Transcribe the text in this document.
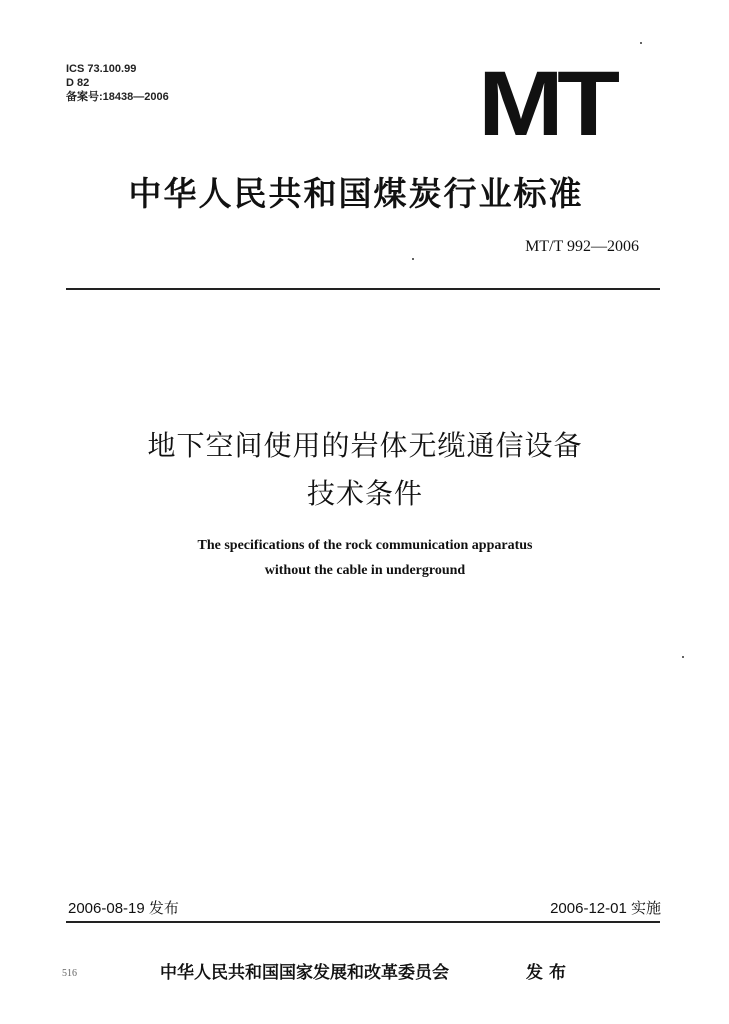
ICS 73.100.99
D 82
备案号:18438—2006	MT
中华人民共和国煤炭行业标准
MT/T 992—2006
地下空间使用的岩体无缆通信设备
技术条件
The specifications of the rock communication apparatus
without the cable in underground
2006-08-19 发布	2006-12-01 实施
516	中华人民共和国国家发展和改革委员会	发布
